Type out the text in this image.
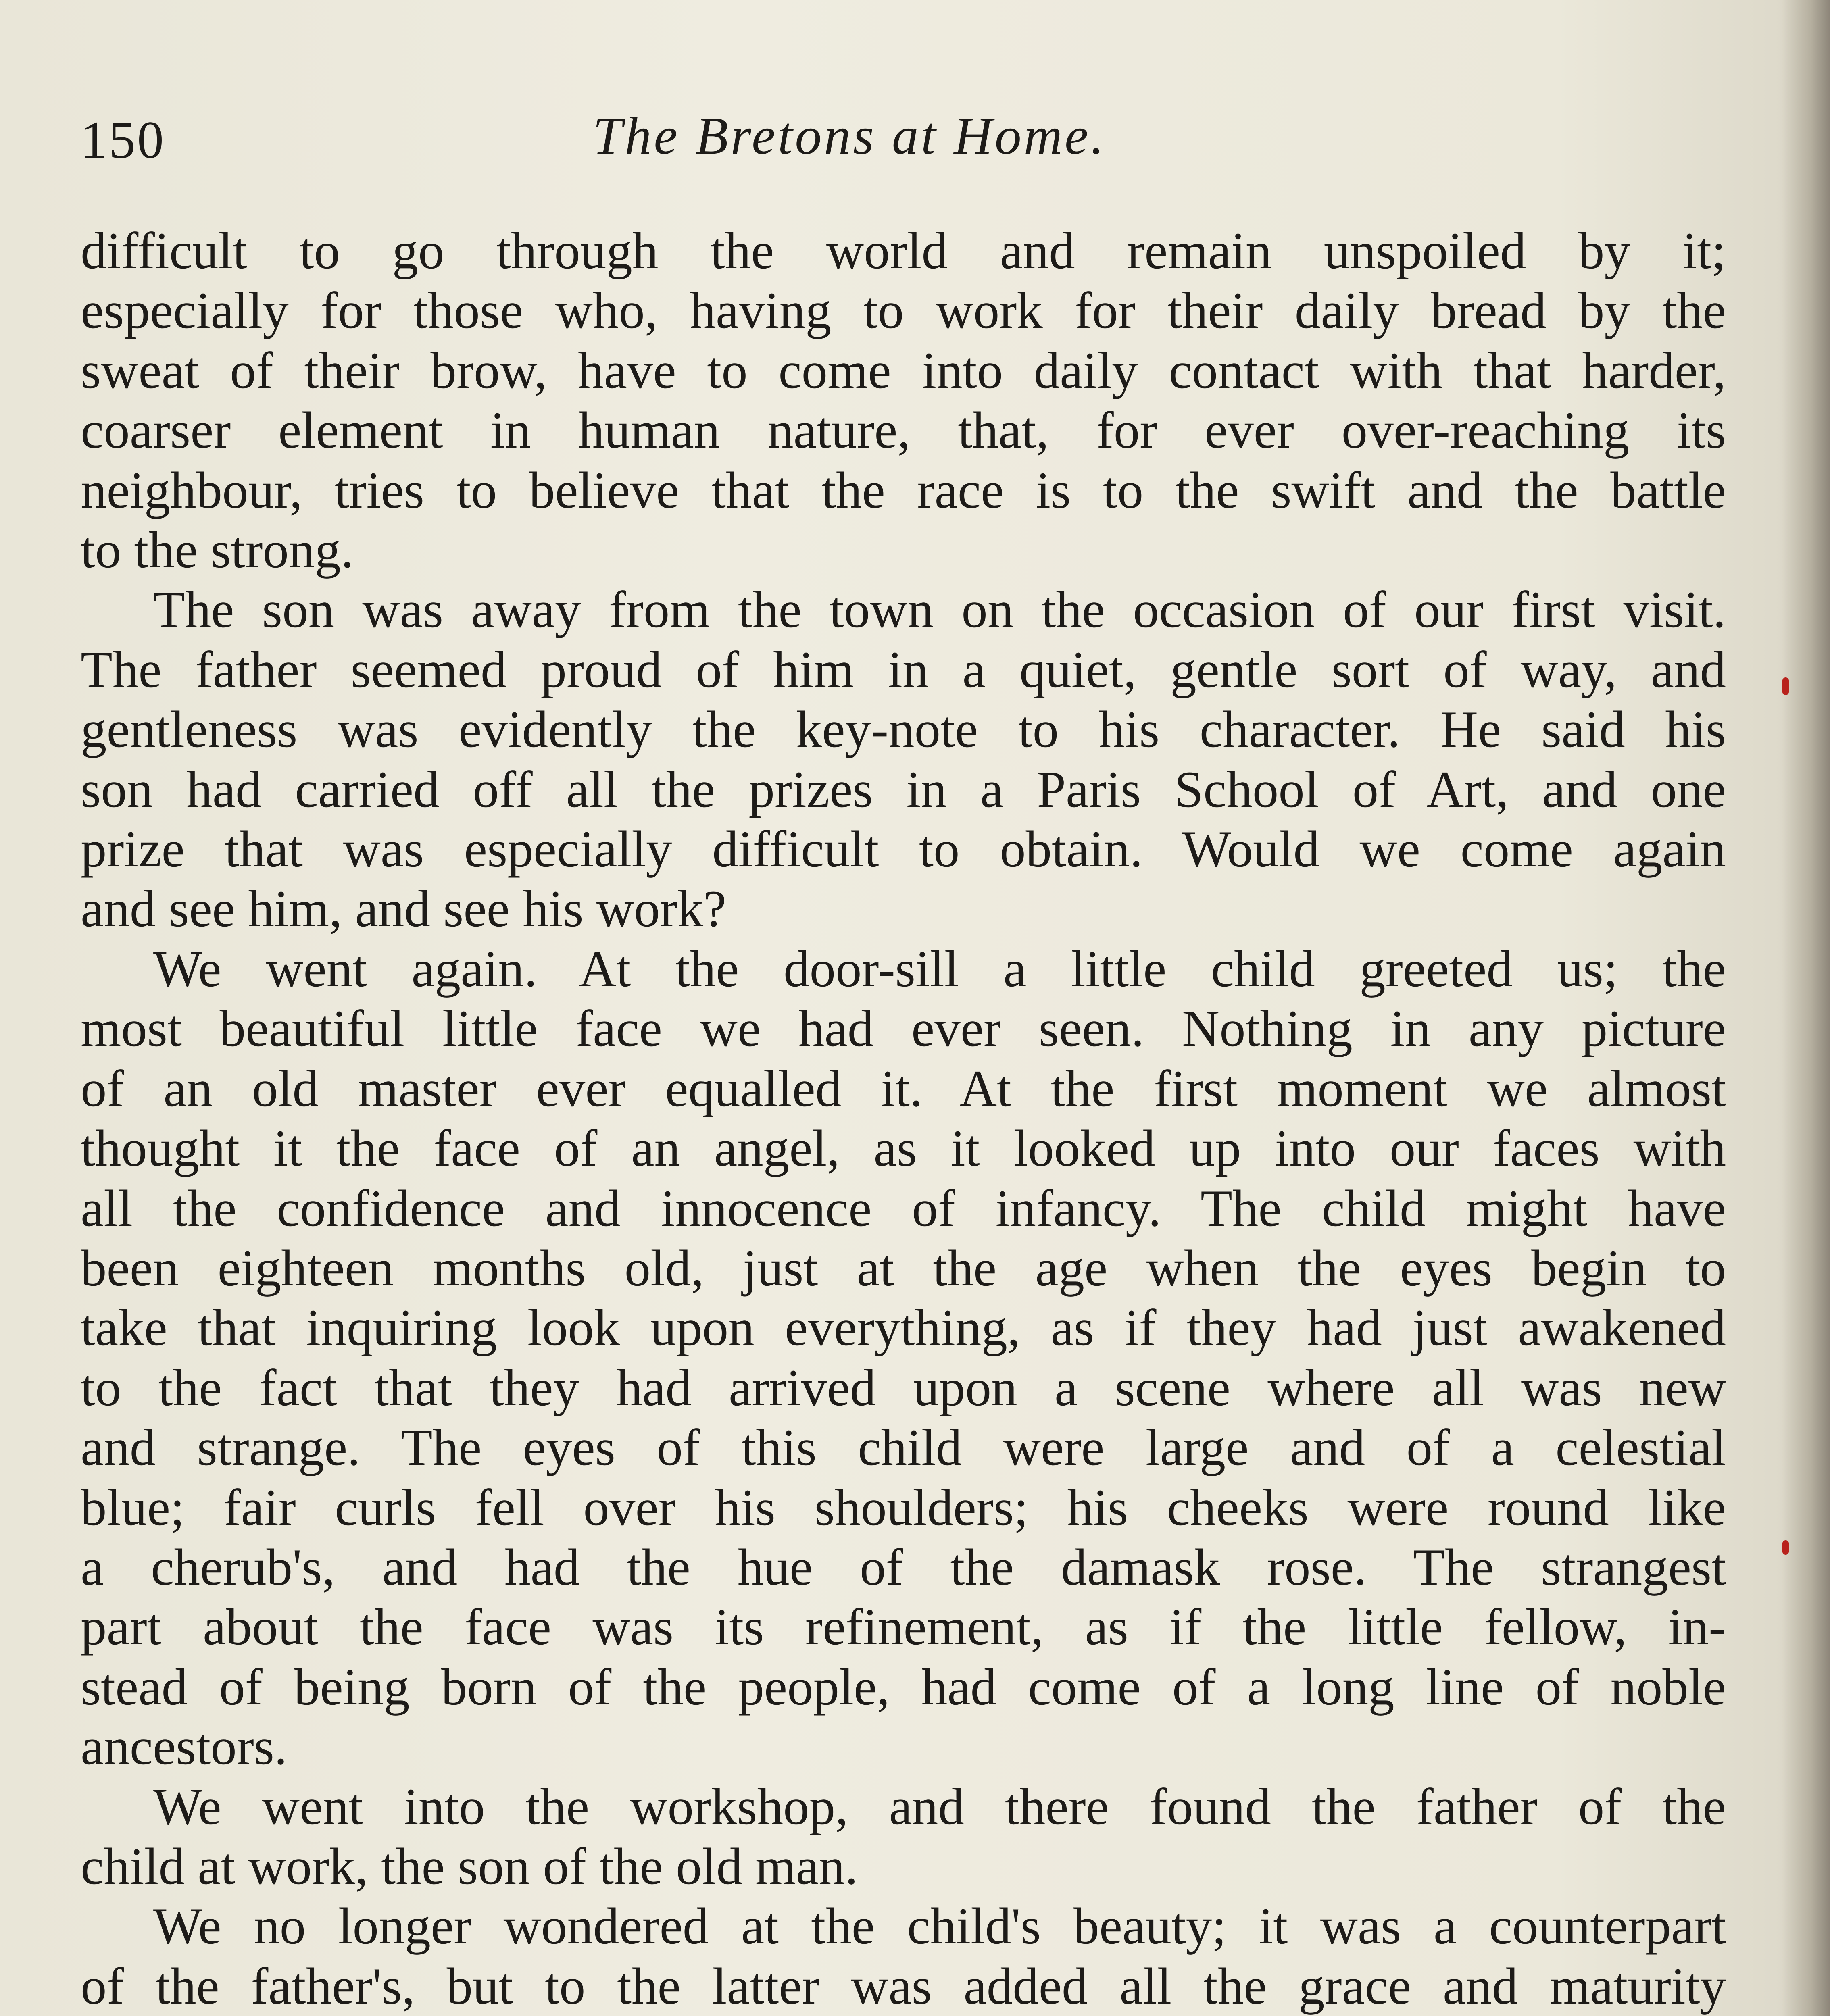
150	The Bretons at Home.
difficult to go through the world and remain unspoiled by it;
especially for those who, having to work for their daily bread by the
sweat of their brow, have to come into daily contact with that harder,
coarser element in human nature, that, for ever over-reaching its
neighbour, tries to believe that the race is to the swift and the battle
to the strong.
The son was away from the town on the occasion of our first visit.
The father seemed proud of him in a quiet, gentle sort of way, and
gentleness was evidently the key-note to his character. He said his
son had carried off all the prizes in a Paris School of Art, and one
prize that was especially difficult to obtain. Would we come again
and see him, and see his work?
We went again. At the door-sill a little child greeted us; the
most beautiful little face we had ever seen. Nothing in any picture
of an old master ever equalled it. At the first moment we almost
thought it the face of an angel, as it looked up into our faces with
all the confidence and innocence of infancy. The child might have
been eighteen months old, just at the age when the eyes begin to
take that inquiring look upon everything, as if they had just awakened
to the fact that they had arrived upon a scene where all was new
and strange. The eyes of this child were large and of a celestial
blue; fair curls fell over his shoulders; his cheeks were round like
a cherub's, and had the hue of the damask rose. The strangest
part about the face was its refinement, as if the little fellow, in-
stead of being born of the people, had come of a long line of noble
ancestors.
We went into the workshop, and there found the father of the
child at work, the son of the old man.
We no longer wondered at the child's beauty; it was a counterpart
of the father's, but to the latter was added all the grace and maturity
